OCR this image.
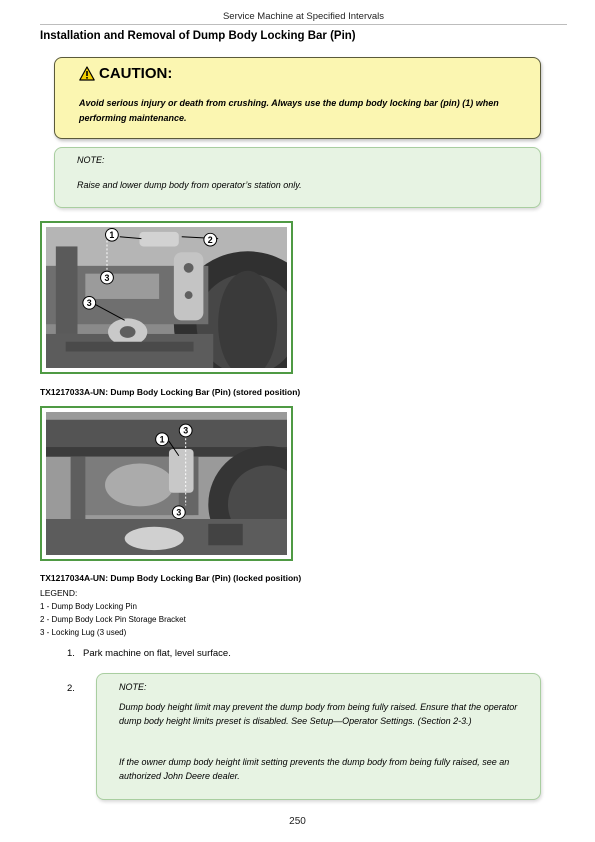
Service Machine at Specified Intervals
Installation and Removal of Dump Body Locking Bar (Pin)
CAUTION:
Avoid serious injury or death from crushing. Always use the dump body locking bar (pin) (1) when performing maintenance.
NOTE:
Raise and lower dump body from operator’s station only.
1	2
3
3
TX1217033A-UN: Dump Body Locking Bar (Pin) (stored position)
1
3
3
TX1217034A-UN: Dump Body Locking Bar (Pin) (locked position)
LEGEND:
1 - Dump Body Locking Pin
2 - Dump Body Lock Pin Storage Bracket
3 - Locking Lug (3 used)
1. Park machine on flat, level surface.
2.	NOTE:
Dump body height limit may prevent the dump body from being fully raised. Ensure that the operator dump body height limits preset is disabled. See Setup—Operator Settings. (Section 2-3.)
If the owner dump body height limit setting prevents the dump body from being fully raised, see an authorized John Deere dealer.
250
